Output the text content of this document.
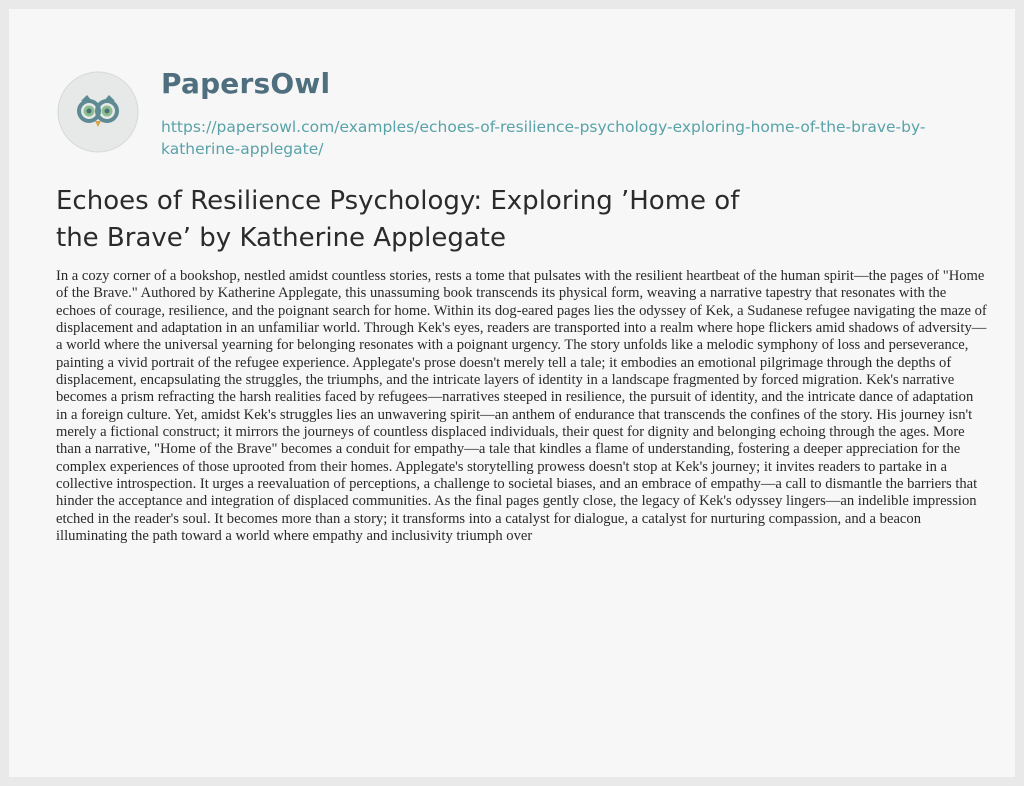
PapersOwl
https://papersowl.com/examples/echoes-of-resilience-psychology-exploring-home-of-the-brave-by-katherine-applegate/
Echoes of Resilience Psychology: Exploring ’Home of the Brave’ by Katherine Applegate

In a cozy corner of a bookshop, nestled amidst countless stories, rests a tome that pulsates with the resilient heartbeat of the human spirit—the pages of "Home of the Brave." Authored by Katherine Applegate, this unassuming book transcends its physical form, weaving a narrative tapestry that resonates with the echoes of courage, resilience, and the poignant search for home. Within its dog-eared pages lies the odyssey of Kek, a Sudanese refugee navigating the maze of displacement and adaptation in an unfamiliar world. Through Kek's eyes, readers are transported into a realm where hope flickers amid shadows of adversity—a world where the universal yearning for belonging resonates with a poignant urgency. The story unfolds like a melodic symphony of loss and perseverance, painting a vivid portrait of the refugee experience. Applegate's prose doesn't merely tell a tale; it embodies an emotional pilgrimage through the depths of displacement, encapsulating the struggles, the triumphs, and the intricate layers of identity in a landscape fragmented by forced migration. Kek's narrative becomes a prism refracting the harsh realities faced by refugees—narratives steeped in resilience, the pursuit of identity, and the intricate dance of adaptation in a foreign culture. Yet, amidst Kek's struggles lies an unwavering spirit—an anthem of endurance that transcends the confines of the story. His journey isn't merely a fictional construct; it mirrors the journeys of countless displaced individuals, their quest for dignity and belonging echoing through the ages. More than a narrative, "Home of the Brave" becomes a conduit for empathy—a tale that kindles a flame of understanding, fostering a deeper appreciation for the complex experiences of those uprooted from their homes. Applegate's storytelling prowess doesn't stop at Kek's journey; it invites readers to partake in a collective introspection. It urges a reevaluation of perceptions, a challenge to societal biases, and an embrace of empathy—a call to dismantle the barriers that hinder the acceptance and integration of displaced communities. As the final pages gently close, the legacy of Kek's odyssey lingers—an indelible impression etched in the reader's soul. It becomes more than a story; it transforms into a catalyst for dialogue, a catalyst for nurturing compassion, and a beacon illuminating the path toward a world where empathy and inclusivity triumph over
